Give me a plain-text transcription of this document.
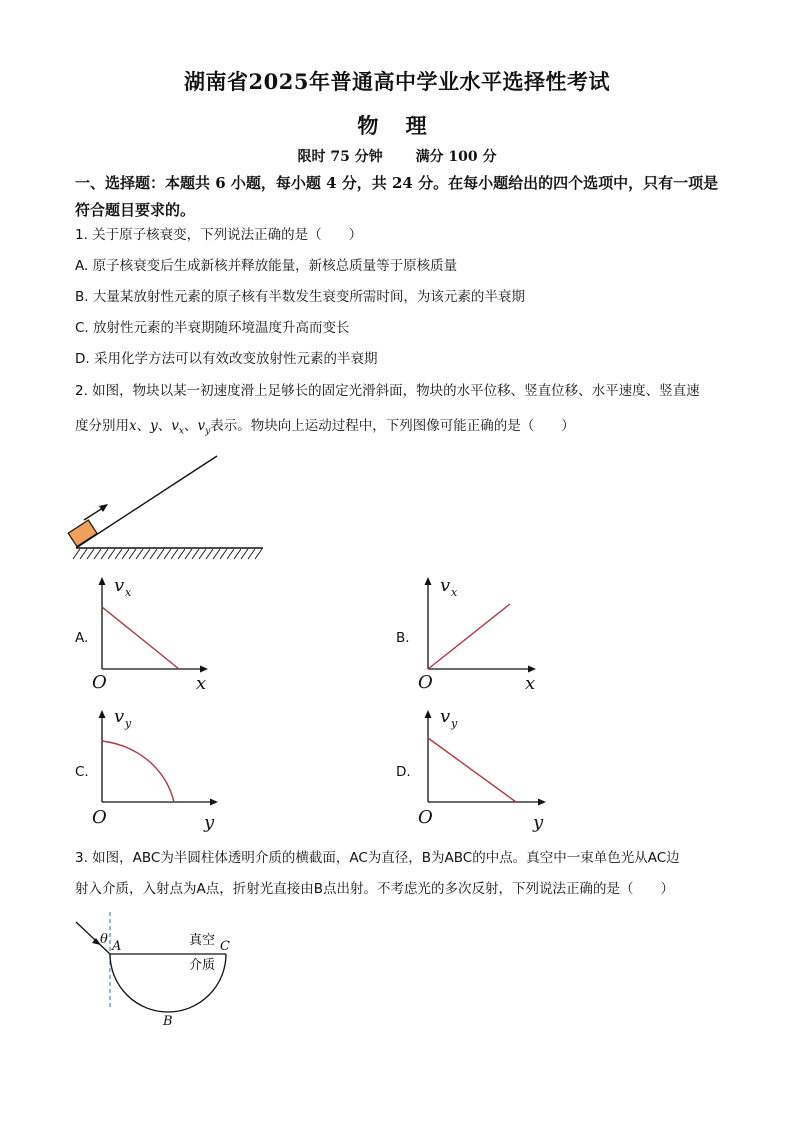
湖南省2025年普通高中学业水平选择性考试
物 理
限时 75 分钟 满分 100 分
一、选择题：本题共 6 小题，每小题 4 分，共 24 分。在每小题给出的四个选项中，只有一项是符合题目要求的。
1. 关于原子核衰变，下列说法正确的是（　　）
A. 原子核衰变后生成新核并释放能量，新核总质量等于原核质量
B. 大量某放射性元素的原子核有半数发生衰变所需时间，为该元素的半衰期
C. 放射性元素的半衰期随环境温度升高而变长
D. 采用化学方法可以有效改变放射性元素的半衰期
2. 如图，物块以某一初速度滑上足够长的固定光滑斜面，物块的水平位移、竖直位移、水平速度、竖直速
度分别用x、y、$v_x$、$v_y$表示。物块向上运动过程中，下列图像可能正确的是（　　）
A.
v x
O	x
B.
v x
O	x
C.
v y
O	y
D.
v y
O	y
3. 如图，ABC为半圆柱体透明介质的横截面，AC为直径，B为ABC的中点。真空中一束单色光从AC边
射入介质，入射点为A点，折射光直接由B点出射。不考虑光的多次反射，下列说法正确的是（　　）
θ A	C
B
真空
介质
